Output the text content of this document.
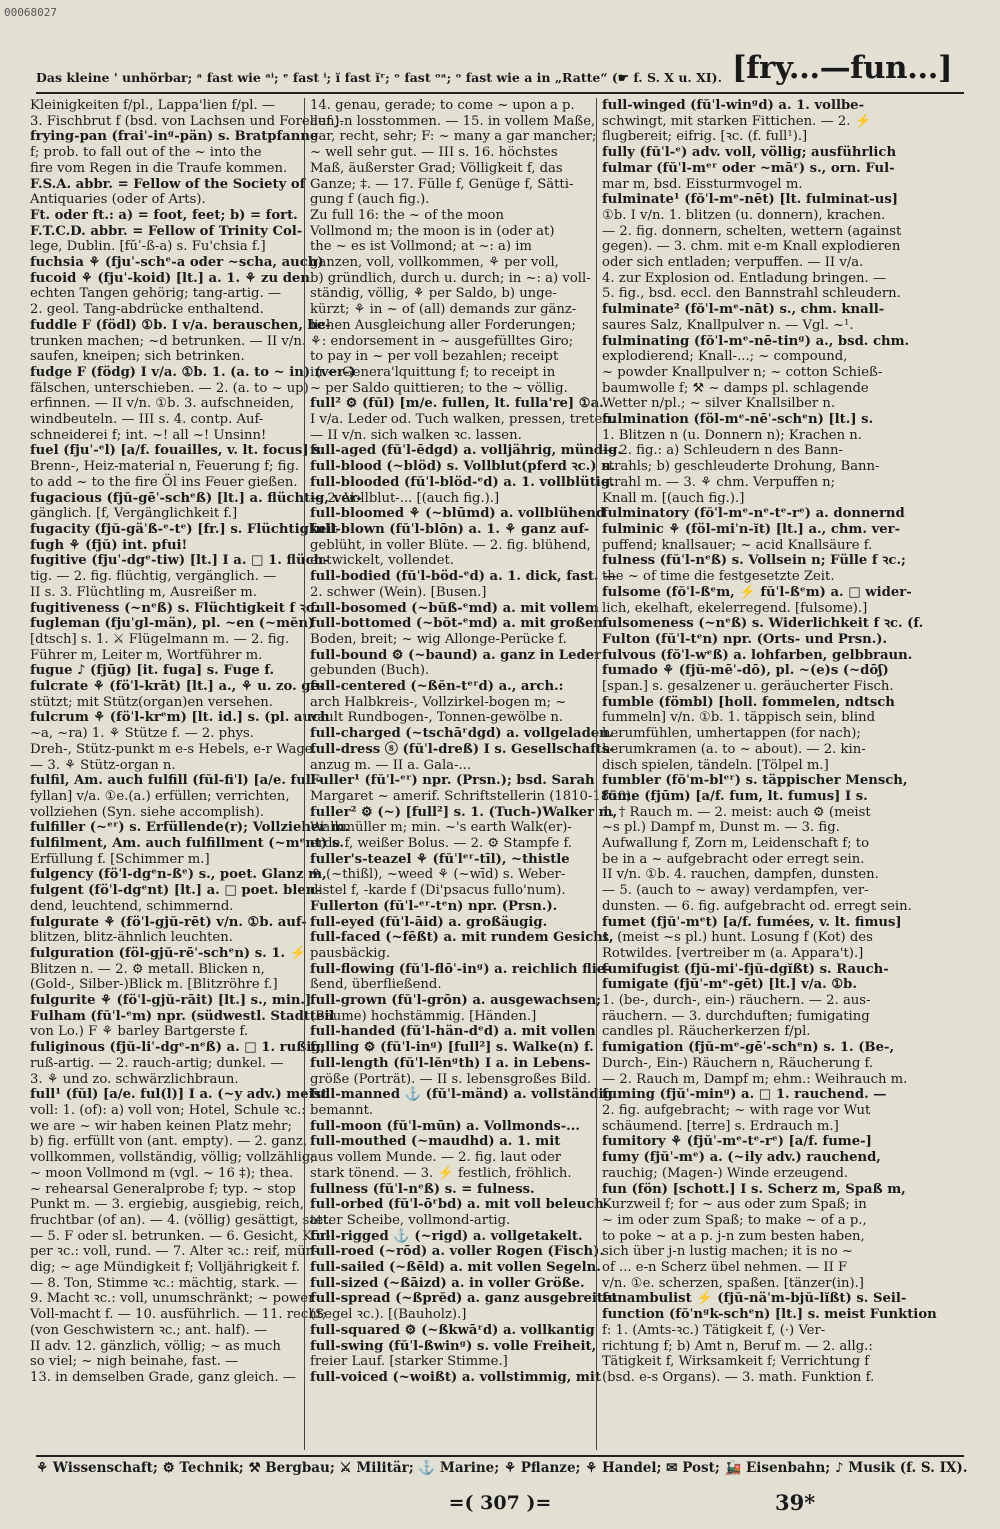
00068027
Das kleine ' unhörbar; ᵃ fast wie ᵃⁱ; ᵉ fast ⁱ; ĭ fast ĭʳ; ᵒ fast ᵒᵃ; ᵒ fast wie a in „Ratte“ (☛ f. S. X u. XI). [fry...—fun...]
Kleinigkeiten f/pl., Lappa'lien f/pl. —
3. Fischbrut f (bsd. von Lachsen und Forellen).
frying-pan (fraiˈ-inᵍ-pän) s. Bratpfanne
f; prob. to fall out of the ~ into the
fire vom Regen in die Traufe kommen.
F.S.A. abbr. = Fellow of the Society of
Antiquaries (oder of Arts).
Ft. oder ft.: a) = foot, feet; b) = fort.
F.T.C.D. abbr. = Fellow of Trinity Col-
lege, Dublin. [fŭˈ-ß-a) s. Fu'chsia f.]
fuchsia ⚘ (fjuˈ-schᵉ-a oder ~scha, auch)
fucoid ⚘ (fjuˈ-koid) [lt.] a. 1. ⚘ zu den
echten Tangen gehörig; tang-artig. —
2. geol. Tang-abdrücke enthaltend.
fuddle F (födl) ①b. I v/a. berauschen, be-
trunken machen; ~d betrunken. — II v/n.
saufen, kneipen; sich betrinken.
fudge F (födg) I v/a. ①b. 1. (a. to ~ in) (ver-)
fälschen, unterschieben. — 2. (a. to ~ up)
erfinnen. — II v/n. ①b. 3. aufschneiden,
windbeuteln. — III s. 4. contp. Auf-
schneiderei f; int. ~! all ~! Unsinn!
fuel (fjuˈ-ᵉl) [a/f. fouailles, v. lt. focus] s.
Brenn-, Heiz-material n, Feuerung f; fig.
to add ~ to the fire Öl ins Feuer gießen.
fugacious (fjŭ-gēˈ-schᵉß) [lt.] a. flüchtig, ver-
gänglich. [f, Vergänglichkeit f.]
fugacity (fjŭ-gäˈß-ᵉ-tᵉ) [fr.] s. Flüchtigkeit
fugh ⚘ (fjŭ) int. pfui!
fugitive (fjuˈ-dgᵉ-tiw) [lt.] I a. □ 1. flüch-
tig. — 2. fig. flüchtig, vergänglich. —
II s. 3. Flüchtling m, Ausreißer m.
fugitiveness (~nᵉß) s. Flüchtigkeit f ꝛc.
fugleman (fjuˈgl-män), pl. ~en (~mĕn)
[dtsch] s. 1. ⚔ Flügelmann m. — 2. fig.
Führer m, Leiter m, Wortführer m.
fugue ♪ (fjūg) [it. fuga] s. Fuge f.
fulcrate ⚘ (föˈl-krāt) [lt.] a., ⚘ u. zo. ge-
stützt; mit Stütz(organ)en versehen.
fulcrum ⚘ (föˈl-krᵉm) [lt. id.] s. (pl. auch
~a, ~ra) 1. ⚘ Stütze f. — 2. phys.
Dreh-, Stütz-punkt m e-s Hebels, e-r Wage.
— 3. ⚘ Stütz-organ n.
fulfil, Am. auch fulfill (fŭl-fiˈl) [a/e. full-
fyllan] v/a. ①e.(a.) erfüllen; verrichten,
vollziehen (Syn. siehe accomplish).
fulfiller (~ᵉʳ) s. Erfüllende(r); Vollzieher m.
fulfilment, Am. auch fulfillment (~mᵉnt) s.
Erfüllung f. [Schimmer m.]
fulgency (föˈl-dgᵉn-ßᵉ) s., poet. Glanz m,
fulgent (föˈl-dgᵉnt) [lt.] a. □ poet. blen-
dend, leuchtend, schimmernd.
fulgurate ⚘ (föˈl-gjŭ-rēt) v/n. ①b. auf-
blitzen, blitz-ähnlich leuchten.
fulguration (föl-gjŭ-rēˈ-schᵉn) s. 1. ⚡
Blitzen n. — 2. ⚙ metall. Blicken n,
(Gold-, Silber-)Blick m. [Blitzröhre f.]
fulgurite ⚘ (föˈl-gjŭ-rāit) [lt.] s., min.]
Fulham (fŭˈl-ᵉm) npr. (südwestl. Stadtteil
von Lo.) F ⚘ barley Bartgerste f.
fuliginous (fjŭ-liˈ-dgᵉ-nᵉß) a. □ 1. rußig,
ruß-artig. — 2. rauch-artig; dunkel. —
3. ⚘ und zo. schwärzlichbraun.
full¹ (fŭl) [a/e. ful(l)] I a. (~y adv.) meist
voll: 1. (of): a) voll von; Hotel, Schule ꝛc.:
we are ~ wir haben keinen Platz mehr;
b) fig. erfüllt von (ant. empty). — 2. ganz,
vollkommen, vollständig, völlig; vollzählig;
~ moon Vollmond m (vgl. ~ 16 ‡); thea.
~ rehearsal Generalprobe f; typ. ~ stop
Punkt m. — 3. ergiebig, ausgiebig, reich,
fruchtbar (of an). — 4. (völlig) gesättigt, satt.
— 5. F oder sl. betrunken. — 6. Gesicht, Kör-
per ꝛc.: voll, rund. — 7. Alter ꝛc.: reif, mün-
dig; ~ age Mündigkeit f; Volljährigkeit f.
— 8. Ton, Stimme ꝛc.: mächtig, stark. —
9. Macht ꝛc.: voll, unumschränkt; ~ power
Voll-macht f. — 10. ausführlich. — 11. recht;
(von Geschwistern ꝛc.; ant. half). —
II adv. 12. gänzlich, völlig; ~ as much
so viel; ~ nigh beinahe, fast. —
13. in demselben Grade, ganz gleich. —
14. genau, gerade; to come ~ upon a p.
auf j-n losstommen. — 15. in vollem Maße,
gar, recht, sehr; F: ~ many a gar mancher;
~ well sehr gut. — III s. 16. höchstes
Maß, äußerster Grad; Völligkeit f, das
Ganze; ‡. — 17. Fülle f, Genüge f, Sätti-
gung f (auch fig.).
Zu full 16: the ~ of the moon
Vollmond m; the moon is in (oder at)
the ~ es ist Vollmond; at ~: a) im
ganzen, voll, vollkommen, ⚘ per voll,
b) gründlich, durch u. durch; in ~: a) voll-
ständig, völlig, ⚘ per Saldo, b) unge-
kürzt; ⚘ in ~ of (all) demands zur gänz-
lichen Ausgleichung aller Forderungen;
⚘: endorsement in ~ ausgefülltes Giro;
to pay in ~ per voll bezahlen; receipt
in ~ Genera'lquittung f; to receipt in
~ per Saldo quittieren; to the ~ völlig.
full² ⚙ (fŭl) [m/e. fullen, lt. fulla're] ①a.
I v/a. Leder od. Tuch walken, pressen, treten.
— II v/n. sich walken ꝛc. lassen.
full-aged (fŭˈl-ēdgd) a. volljährig, mündig.
full-blood (~blöd) s. Vollblut(pferd ꝛc.) n.
full-blooded (fŭˈl-blöd-ᵉd) a. 1. vollblütig.
— 2. Vollblut-... [(auch fig.).]
full-bloomed ⚘ (~blūmd) a. vollblühend
full-blown (fŭˈl-blōn) a. 1. ⚘ ganz auf-
geblüht, in voller Blüte. — 2. fig. blühend,
entwickelt, vollendet.
full-bodied (fŭˈl-böd-ᵉd) a. 1. dick, fast. —
2. schwer (Wein). [Busen.]
full-bosomed (~bŭß-ᵉmd) a. mit vollem
full-bottomed (~bŏt-ᵉmd) a. mit großem
Boden, breit; ~ wig Allonge-Perücke f.
full-bound ⚙ (~baund) a. ganz in Leder
gebunden (Buch).
full-centered (~ßĕn-tᵉʳd) a., arch.:
arch Halbkreis-, Vollzirkel-bogen m; ~
vault Rundbogen-, Tonnen-gewölbe n.
full-charged (~tschāʳdgd) a. vollgeladen.
full-dress ⓢ (fŭˈl-dreß) I s. Gesellschafts-
anzug m. — II a. Gala-...
Fuller¹ (fŭˈl-ᵉʳ) npr. (Prsn.); bsd. Sarah
Margaret ~ amerif. Schriftstellerin (1810-1850).
fuller² ⚙ (~) [full²] s. 1. (Tuch-)Walker m,
Walkmüller m; min. ~'s earth Walk(er)-
erde f, weißer Bolus. — 2. ⚙ Stampfe f.
fuller's-teazel ⚘ (fŭˈlᵉʳ-tīl), ~thistle
⚘ (~thißl), ~weed ⚘ (~wīd) s. Weber-
distel f, -karde f (Di'psacus fullo'num).
Fullerton (fŭˈl-ᵉʳ-tᵉn) npr. (Prsn.).
full-eyed (fŭˈl-āid) a. großäugig.
full-faced (~fēßt) a. mit rundem Gesicht,
pausbäckig.
full-flowing (fŭˈl-flōˈ-inᵍ) a. reichlich flie-
ßend, überfließend.
full-grown (fŭˈl-grōn) a. ausgewachsen;
(Bäume) hochstämmig. [Händen.]
full-handed (fŭˈl-hän-dᵉd) a. mit vollen
fulling ⚙ (fŭˈl-inᵍ) [full²] s. Walke(n) f.
full-length (fŭˈl-lĕnᵍth) I a. in Lebens-
größe (Porträt). — II s. lebensgroßes Bild.
full-manned ⚓ (fŭˈl-mänd) a. vollständig
bemannt.
full-moon (fŭˈl-mūn) a. Vollmonds-...
full-mouthed (~maudhd) a. 1. mit
aus vollem Munde. — 2. fig. laut oder
stark tönend. — 3. ⚡ festlich, fröhlich.
fullness (fŭˈl-nᵉß) s. = fulness.
full-orbed (fŭˈl-ōʳbd) a. mit voll beleuch-
teter Scheibe, vollmond-artig.
full-rigged ⚓ (~rigd) a. vollgetakelt.
full-roed (~rōd) a. voller Rogen (Fisch).
full-sailed (~ßēld) a. mit vollen Segeln.
full-sized (~ßāizd) a. in voller Größe.
full-spread (~ßprĕd) a. ganz ausgebreitet
(Segel ꝛc.). [(Bauholz).]
full-squared ⚙ (~ßkwāʳd) a. vollkantig
full-swing (fŭˈl-ßwinᵍ) s. volle Freiheit,
freier Lauf. [starker Stimme.]
full-voiced (~woißt) a. vollstimmig, mit
full-winged (fŭˈl-winᵍd) a. 1. vollbe-
schwingt, mit starken Fittichen. — 2. ⚡
flugbereit; eifrig. [ꝛc. (f. full¹).]
fully (fŭˈl-ᵉ) adv. voll, völlig; ausführlich
fulmar (fŭˈl-mᵉʳ oder ~māʳ) s., orn. Ful-
mar m, bsd. Eissturmvogel m.
fulminate¹ (fŏˈl-mᵉ-nēt) [lt. fulminat-us]
①b. I v/n. 1. blitzen (u. donnern), krachen.
— 2. fig. donnern, schelten, wettern (against
gegen). — 3. chm. mit e-m Knall explodieren
oder sich entladen; verpuffen. — II v/a.
4. zur Explosion od. Entladung bringen. —
5. fig., bsd. eccl. den Bannstrahl schleudern.
fulminate² (fŏˈl-mᵉ-nāt) s., chm. knall-
saures Salz, Knallpulver n. — Vgl. ~¹.
fulminating (fŏˈl-mᵉ-nē-tinᵍ) a., bsd. chm.
explodierend; Knall-...; ~ compound,
~ powder Knallpulver n; ~ cotton Schieß-
baumwolle f; ⚒ ~ damps pl. schlagende
Wetter n/pl.; ~ silver Knallsilber n.
fulmination (föl-mᵉ-nēˈ-schᵉn) [lt.] s.
1. Blitzen n (u. Donnern n); Krachen n.
— 2. fig.: a) Schleudern n des Bann-
strahls; b) geschleuderte Drohung, Bann-
strahl m. — 3. ⚘ chm. Verpuffen n;
Knall m. [(auch fig.).]
fulminatory (fŏˈl-mᵉ-nᵉ-tᵉ-rᵉ) a. donnernd
fulminic ⚘ (föl-miˈn-ĭt) [lt.] a., chm. ver-
puffend; knallsauer; ~ acid Knallsäure f.
fulness (fŭˈl-nᵉß) s. Vollsein n; Fülle f ꝛc.;
the ~ of time die festgesetzte Zeit.
fulsome (fŏˈl-ßᵉm, ⚡ fŭˈl-ßᵉm) a. □ wider-
lich, ekelhaft, ekelerregend. [fulsome).]
fulsomeness (~nᵉß) s. Widerlichkeit f ꝛc. (f.
Fulton (fŭˈl-tᵉn) npr. (Orts- und Prsn.).
fulvous (fŏˈl-wᵉß) a. lohfarben, gelbbraun.
fumado ⚘ (fjŭ-mēˈ-dō), pl. ~(e)s (~dōʃ)
[span.] s. gesalzener u. geräucherter Fisch.
fumble (fömbl) [holl. fommelen, ndtsch
fummeln] v/n. ①b. 1. täppisch sein, blind
herumfühlen, umhertappen (for nach);
herumkramen (a. to ~ about). — 2. kin-
disch spielen, tändeln. [Tölpel m.]
fumbler (fŏˈm-blᵉʳ) s. täppischer Mensch,
fume (fjūm) [a/f. fum, lt. fumus] I s.
1. † Rauch m. — 2. meist: auch ⚙ (meist
~s pl.) Dampf m, Dunst m. — 3. fig.
Aufwallung f, Zorn m, Leidenschaft f; to
be in a ~ aufgebracht oder erregt sein.
II v/n. ①b. 4. rauchen, dampfen, dunsten.
— 5. (auch to ~ away) verdampfen, ver-
dunsten. — 6. fig. aufgebracht od. erregt sein.
fumet (fjŭˈ-mᵉt) [a/f. fumées, v. lt. fimus]
s. (meist ~s pl.) hunt. Losung f (Kot) des
Rotwildes. [vertreiber m (a. Appara't).]
fumifugist (fjŭ-miˈ-fjŭ-dgĭßt) s. Rauch-
fumigate (fjŭˈ-mᵉ-gēt) [lt.] v/a. ①b.
1. (be-, durch-, ein-) räuchern. — 2. aus-
räuchern. — 3. durchduften; fumigating
candles pl. Räucherkerzen f/pl.
fumigation (fjŭ-mᵉ-gēˈ-schᵉn) s. 1. (Be-,
Durch-, Ein-) Räuchern n, Räucherung f.
— 2. Rauch m, Dampf m; ehm.: Weihrauch m.
fuming (fjŭˈ-minᵍ) a. □ 1. rauchend. —
2. fig. aufgebracht; ~ with rage vor Wut
schäumend. [terre] s. Erdrauch m.]
fumitory ⚘ (fjŭˈ-mᵉ-tᵉ-rᵉ) [a/f. fume-]
fumy (fjŭˈ-mᵉ) a. (~ily adv.) rauchend,
rauchig; (Magen-) Winde erzeugend.
fun (fön) [schott.] I s. Scherz m, Spaß m,
Kurzweil f; for ~ aus oder zum Spaß; in
~ im oder zum Spaß; to make ~ of a p.,
to poke ~ at a p. j-n zum besten haben,
sich über j-n lustig machen; it is no ~
of ... e-n Scherz übel nehmen. — II F
v/n. ①e. scherzen, spaßen. [tänzer(in).]
funambulist ⚡ (fjŭ-näˈm-bjŭ-lĭßt) s. Seil-
function (fŏˈnᵍk-schᵉn) [lt.] s. meist Funktion
f: 1. (Amts-ꝛc.) Tätigkeit f, (·) Ver-
richtung f; b) Amt n, Beruf m. — 2. allg.:
Tätigkeit f, Wirksamkeit f; Verrichtung f
(bsd. e-s Organs). — 3. math. Funktion f.
⚘ Wissenschaft; ⚙ Technik; ⚒ Bergbau; ⚔ Militär; ⚓ Marine; ⚘ Pflanze; ⚘ Handel; ✉ Post; 🚂 Eisenbahn; ♪ Musik (f. S. IX).
=( 307 )=	39*
